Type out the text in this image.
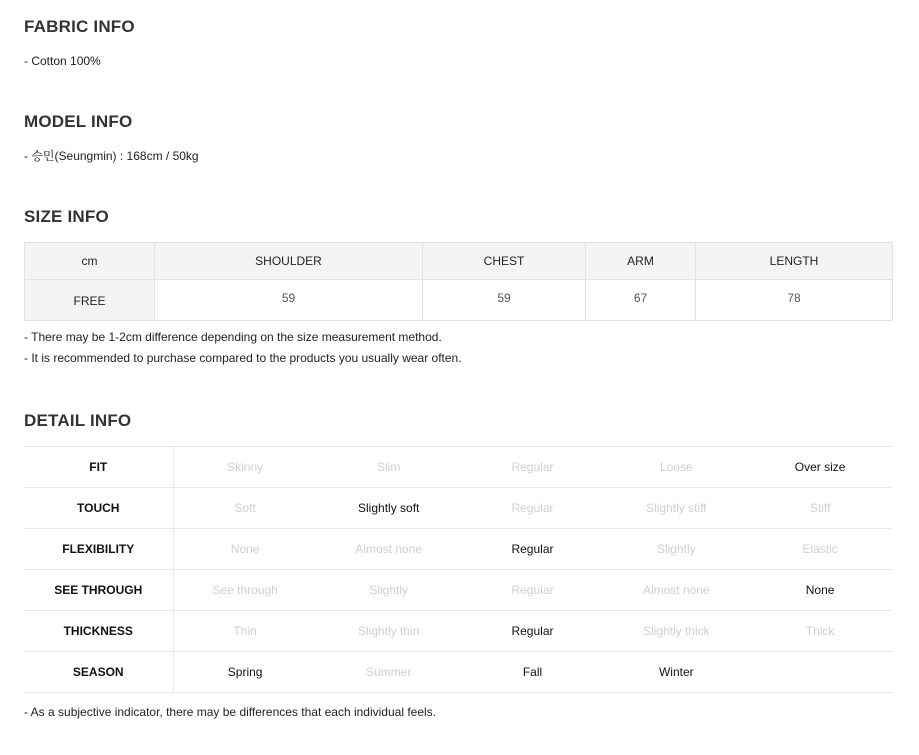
FABRIC INFO

- Cotton 100%

MODEL INFO

- 승민(Seungmin) : 168cm / 50kg

SIZE INFO
cm	SHOULDER	CHEST	ARM	LENGTH
FREE	59	59	67	78

- There may be 1-2cm difference depending on the size measurement method.

- It is recommended to purchase compared to the products you usually wear often.

DETAIL INFO
FIT	Skinny	Slim	Regular	Loose	Over size
TOUCH	Soft	Slightly soft	Regular	Slightly stiff	Stiff
FLEXIBILITY	None	Almost none	Regular	Slightly	Elastic
SEE THROUGH	See through	Slightly	Regular	Almost none	None
THICKNESS	Thin	Slightly thin	Regular	Slightly thick	Thick
SEASON	Spring	Summer	Fall	Winter	

- As a subjective indicator, there may be differences that each individual feels.
